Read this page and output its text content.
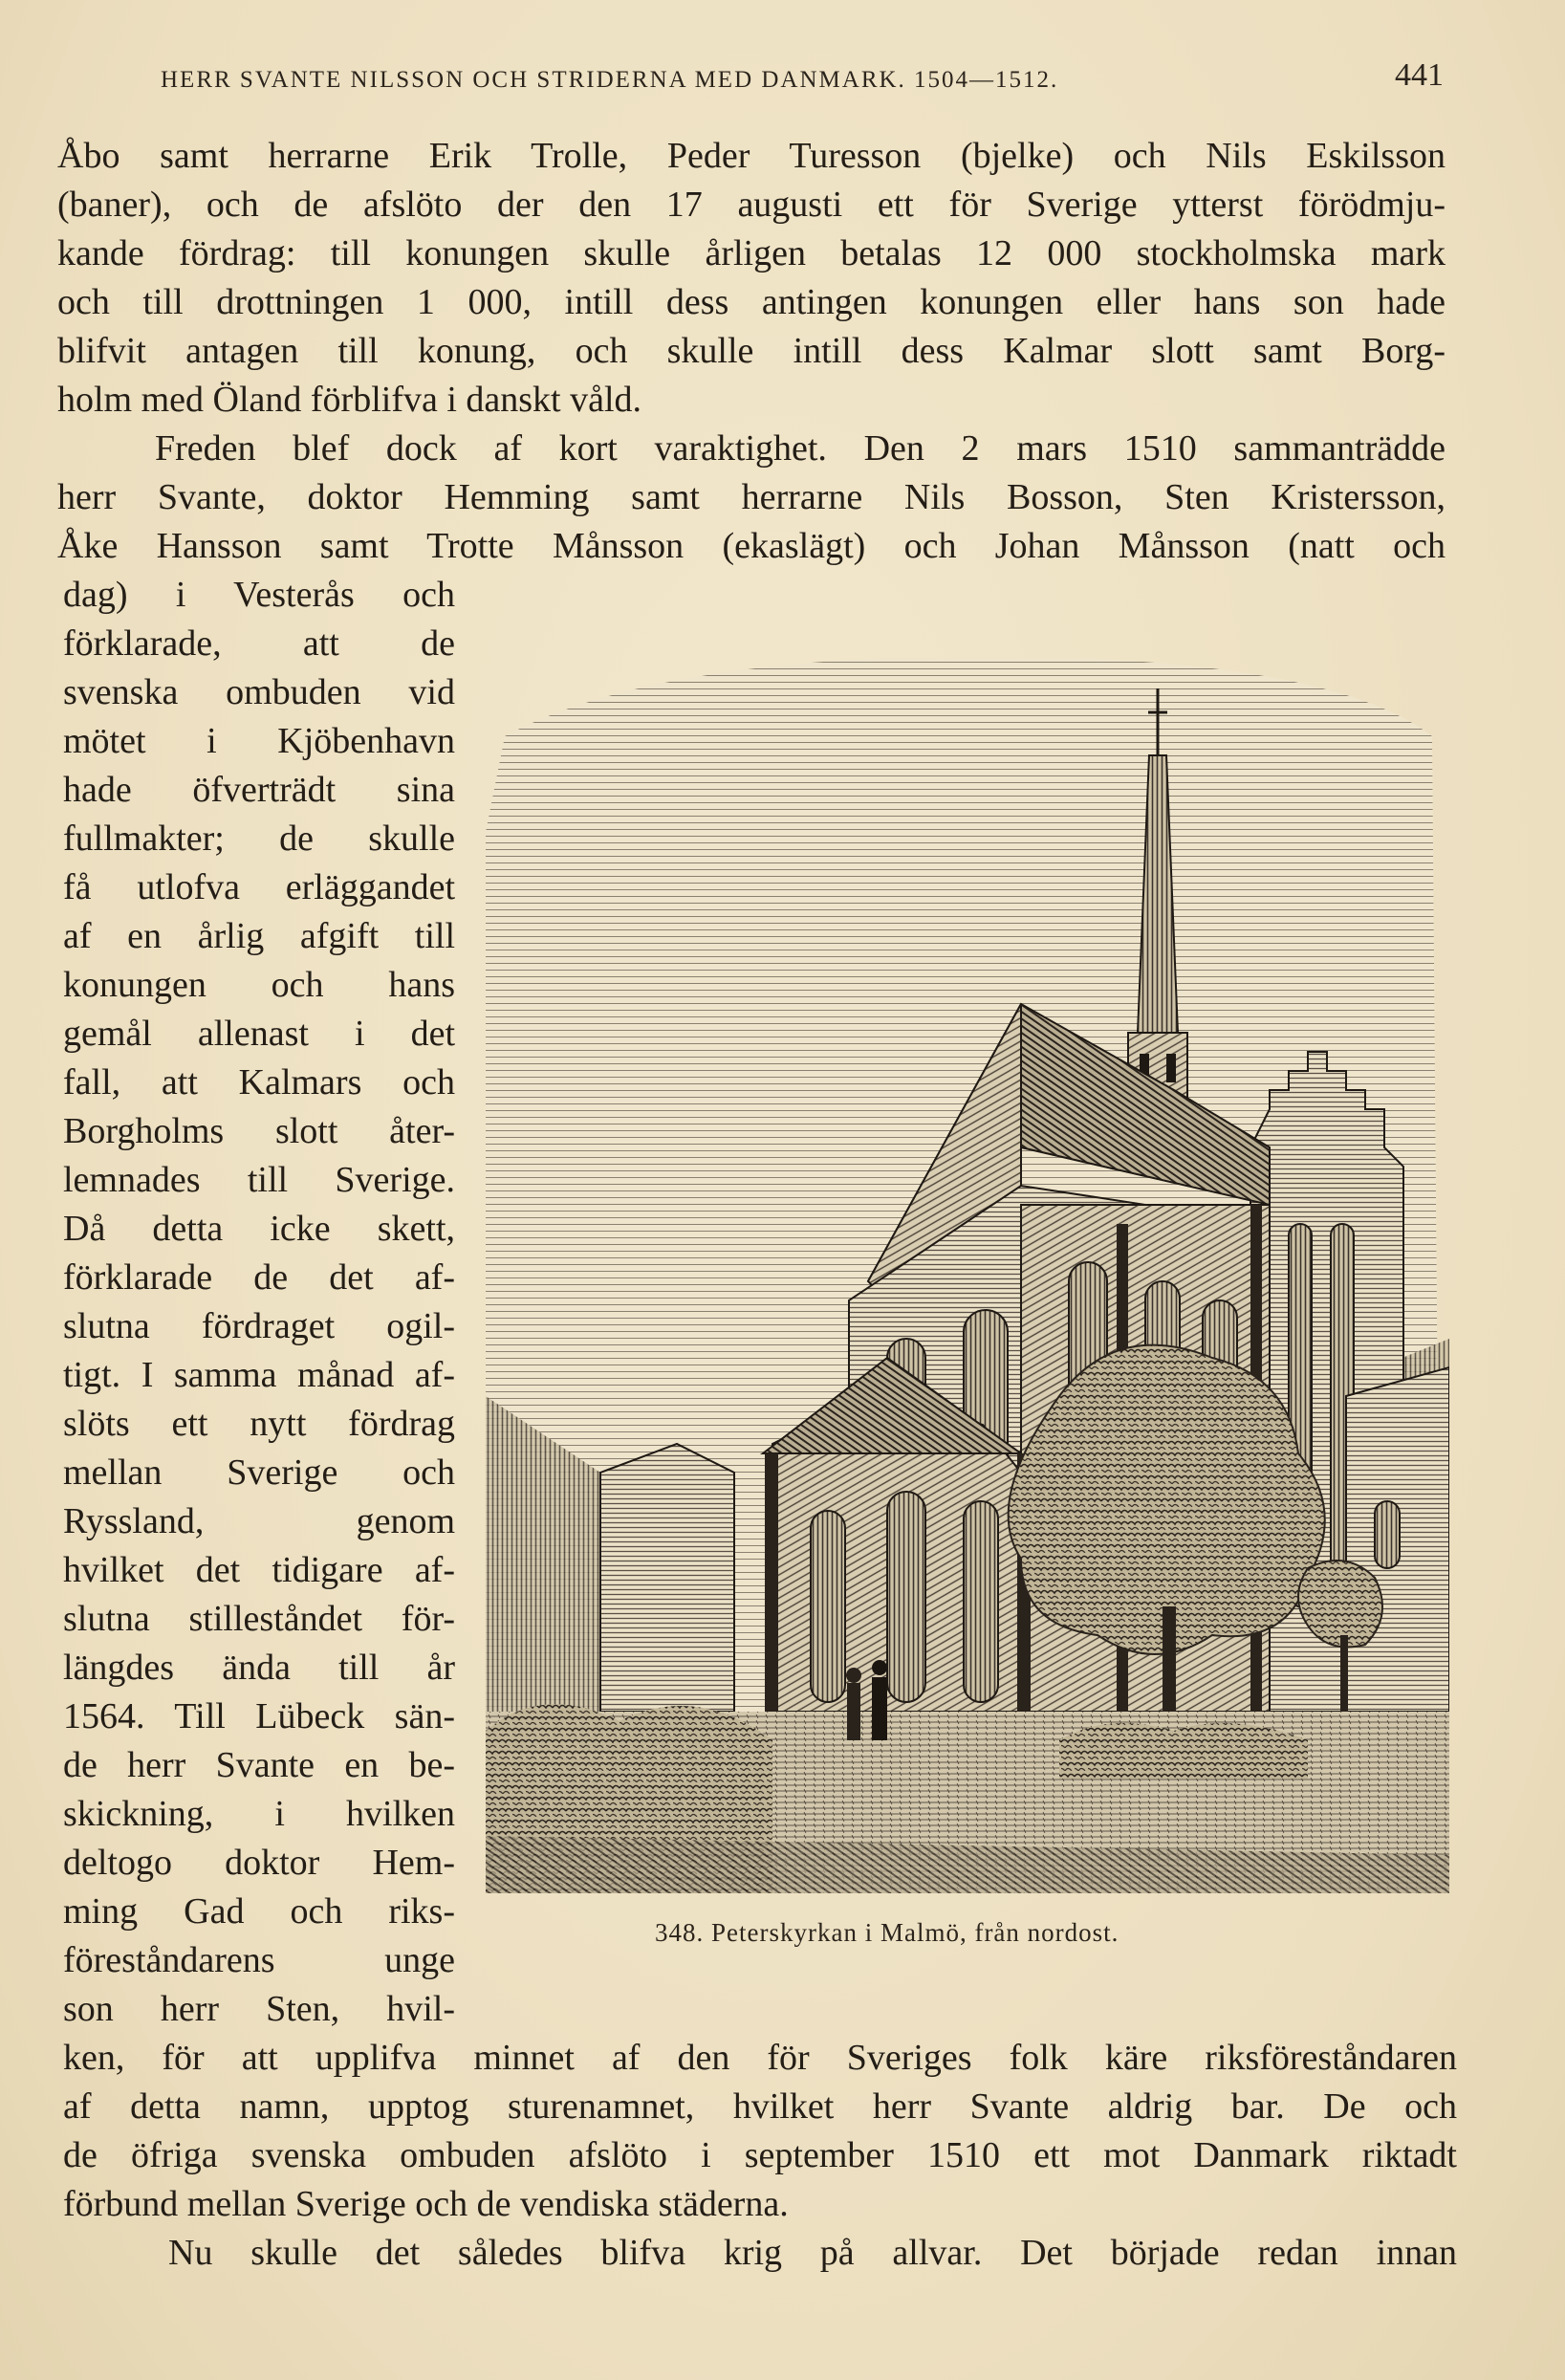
HERR SVANTE NILSSON OCH STRIDERNA MED DANMARK. 1504—1512.	441
Åbo samt herrarne Erik Trolle, Peder Turesson (bjelke) och Nils Eskilsson
(baner), och de afslöto der den 17 augusti ett för Sverige ytterst förödmju-
kande fördrag: till konungen skulle årligen betalas 12 000 stockholmska mark
och till drottningen 1 000, intill dess antingen konungen eller hans son hade
blifvit antagen till konung, och skulle intill dess Kalmar slott samt Borg-
holm med Öland förblifva i danskt våld.
Freden blef dock af kort varaktighet. Den 2 mars 1510 sammanträdde
herr Svante, doktor Hemming samt herrarne Nils Bosson, Sten Kristersson,
Åke Hansson samt Trotte Månsson (ekaslägt) och Johan Månsson (natt och
dag) i Vesterås och
förklarade, att de
svenska ombuden vid
mötet i Kjöbenhavn
hade öfverträdt sina
fullmakter; de skulle
få utlofva erläggandet
af en årlig afgift till
konungen och hans
gemål allenast i det
fall, att Kalmars och
Borgholms slott åter-
lemnades till Sverige.
Då detta icke skett,
förklarade de det af-
slutna fördraget ogil-
tigt. I samma månad af-
slöts ett nytt fördrag
mellan Sverige och
Ryssland, genom
hvilket det tidigare af-
slutna stilleståndet för-
längdes ända till år
1564. Till Lübeck sän-
de herr Svante en be-
skickning, i hvilken
deltogo doktor Hem-
ming Gad och riks-
föreståndarens unge
son herr Sten, hvil-
348. Peterskyrkan i Malmö, från nordost.
ken, för att upplifva minnet af den för Sveriges folk käre riksföreståndaren
af detta namn, upptog sturenamnet, hvilket herr Svante aldrig bar. De och
de öfriga svenska ombuden afslöto i september 1510 ett mot Danmark riktadt
förbund mellan Sverige och de vendiska städerna.
Nu skulle det således blifva krig på allvar. Det började redan innan
